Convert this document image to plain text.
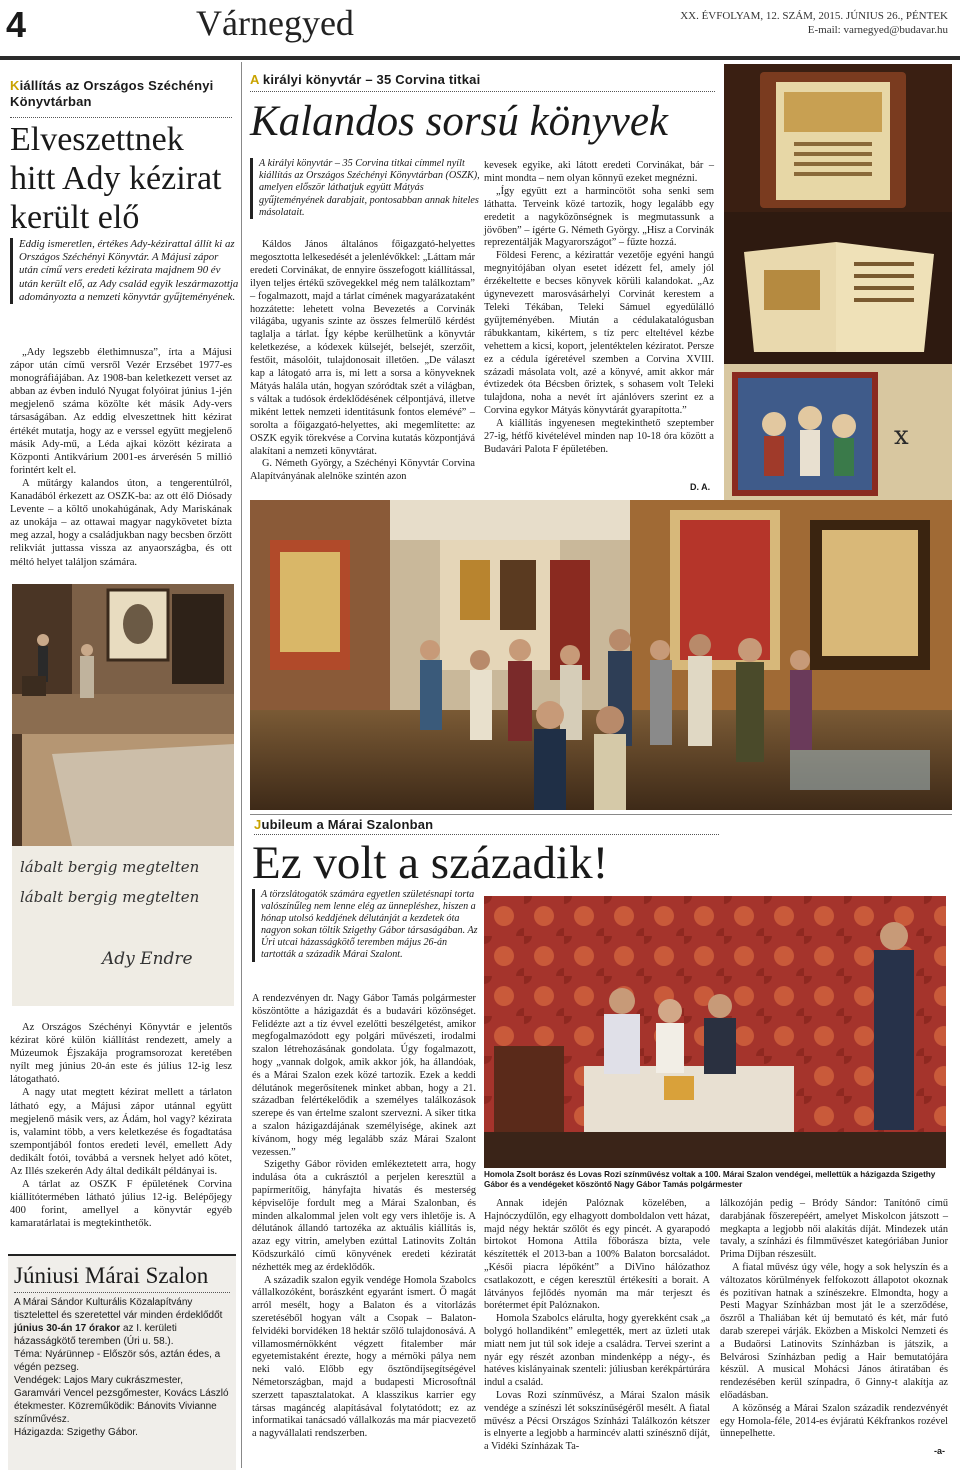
4	Várnegyed	XX. ÉVFOLYAM, 12. SZÁM, 2015. JÚNIUS 26., PÉNTEK
E-mail: varnegyed@budavar.hu
Kiállítás az Országos Széchényi Könyvtárban
Elveszettnek hitt Ady kézirat került elő
Eddig ismeretlen, értékes Ady-kézirattal állít ki az Országos Széchényi Könyvtár. A Májusi zápor után című vers eredeti kézirata majdnem 90 év után került elő, az Ady család egyik leszármazottja adományozta a nemzeti könyvtár gyűjteményének.

„Ady legszebb élethimnusza”, írta a Májusi zápor után című versről Vezér Erzsébet 1977-es monográfiájában. Az 1908-ban keletkezett verset az abban az évben induló Nyugat folyóirat június 1-jén megjelenő száma közölte két másik Ady-vers társaságában. Az eddig elveszettnek hitt kézirat értékét mutatja, hogy az e verssel együtt megjelenő másik Ady-mű, a Léda ajkai között kézirata a Központi Antikvárium 2001-es árverésén 5 millió forintért kelt el.

A műtárgy kalandos úton, a tengerentúlról, Kanadából érkezett az OSZK-ba: az ott élő Diósady Levente – a költő unokahúgának, Ady Mariskának az unokája – az ottawai magyar nagykövetet bízta meg azzal, hogy a családjukban nagy becsben őrzött relikviát juttassa vissza az anyaországba, és ott méltó helyet találjon számára.

lábalt bergig megtelten
lábalt bergig megtelten
Ady Endre

Az Országos Széchényi Könyvtár e jelentős kézirat köré külön kiállítást rendezett, amely a Múzeumok Éjszakája programsorozat keretében nyílt meg június 20-án este és július 12-ig lesz látogatható.

A nagy utat megtett kézirat mellett a tárlaton látható egy, a Májusi zápor utánnal együtt megjelenő másik vers, az Ádám, hol vagy? kézirata is, valamint több, a vers keletkezése és fogadtatása szempontjából fontos eredeti levél, emellett Ady dedikált fotói, továbbá a versnek helyet adó kötet, Az Illés szekerén Ady által dedikált példányai is.

A tárlat az OSZK F épületének Corvina kiállítótermében látható július 12-ig. Belépőjegy 400 forint, amellyel a könyvtár egyéb kamaratárlatai is megtekinthetők.

Júniusi Márai Szalon
A Márai Sándor Kulturális Közalapítvány tisztelettel és szeretettel vár minden érdeklődőt június 30-án 17 órakor az I. kerületi házasságkötő teremben (Úri u. 58.).
Téma: Nyárünnep - Először sós, aztán édes, a végén pezseg.
Vendégek: Lajos Mary cukrászmester, Garamvári Vencel pezsgőmester, Kovács László étekmester. Közreműködik: Bánovits Vivianne színművész.
Házigazda: Szigethy Gábor.
A királyi könyvtár – 35 Corvina titkai
Kalandos sorsú könyvek
A királyi könyvtár – 35 Corvina titkai címmel nyílt kiállítás az Országos Széchényi Könyvtárban (OSZK), amelyen először láthatjuk együtt Mátyás gyűjteményének darabjait, pontosabban annak hiteles másolatait.

Káldos János általános főigazgató-helyettes megosztotta lelkesedését a jelenlévőkkel: „Láttam már eredeti Corvinákat, de ennyire összefogott kiállítással, ilyen teljes értékű szövegekkel még nem találkoztam” – fogalmazott, majd a tárlat címének magyarázataként hozzátette: lehetett volna Bevezetés a Corvinák világába, ugyanis szinte az összes felmerülő kérdést taglalja a tárlat. Így képbe kerülhetünk a könyvtár keletkezése, a kódexek külsejét, belsejét, szerzőit, festőit, másolóit, tulajdonosait illetően. „De választ kap a látogató arra is, mi lett a sorsa a könyveknek Mátyás halála után, hogyan szóródtak szét a világban, s váltak a tudósok érdeklődésének célpontjává, illetve miként lettek nemzeti identitásunk fontos elemévé” – sorolta a főigazgató-helyettes, aki megemlítette: az OSZK egyik törekvése a Corvina kutatás központjává alakítani a nemzeti könyvtárat.

G. Németh György, a Széchényi Könyvtár Corvina Alapítványának alelnöke szintén azon

kevesek egyike, aki látott eredeti Corvinákat, bár – mint mondta – nem olyan könnyű ezeket megnézni.

„Így együtt ezt a harmincötöt soha senki sem láthatta. Terveink közé tartozik, hogy legalább egy eredetit a nagyközönségnek is megmutassunk a jövőben” – ígérte G. Németh György. „Hisz a Corvinák reprezentálják Magyarországot” – fűzte hozzá.

Földesi Ferenc, a kézirattár vezetője egyéni hangú megnyitójában olyan esetet idézett fel, amely jól érzékeltette e becses könyvek körüli kalandokat. „Az úgynevezett marosvásárhelyi Corvinát kerestem a Teleki Tékában, Teleki Sámuel egyedülálló gyűjteményében. Miután a cédulakatalógusban rábukkantam, kikértem, s tíz perc elteltével kézbe vehettem a kicsi, koport, jelentéktelen kéziratot. Persze ez a cédula ígéretével szemben a Corvina XVIII. századi másolata volt, azé a könyvé, amit akkor már évtizedek óta Bécsben őriztek, s sohasem volt Teleki tulajdona, noha a nevét írt ajánlóvers szerint ez a Corvina egykor Mátyás könyvtárát gyarapította.”

A kiállítás ingyenesen megtekinthető szeptember 27-ig, hétfő kivételével minden nap 10-18 óra között a Budavári Palota F épületében.

D. A.
x
Jubileum a Márai Szalonban
Ez volt a századik!
A törzslátogatók számára egyetlen születésnapi torta valószínűleg nem lenne elég az ünnepléshez, hiszen a hónap utolsó keddjének délutánját a kezdetek óta nagyon sokan töltik Szigethy Gábor társaságában. Az Úri utcai házasságkötő teremben május 26-án tartották a századik Márai Szalont.
Homola Zsolt borász és Lovas Rozi színművész voltak a 100. Márai Szalon vendégei, mellettük a házigazda Szigethy Gábor és a vendégeket köszöntő Nagy Gábor Tamás polgármester

A rendezvényen dr. Nagy Gábor Tamás polgármester köszöntötte a házigazdát és a budavári közönséget. Felidézte azt a tíz évvel ezelőtti beszélgetést, amikor megfogalmazódott egy polgári művészeti, irodalmi szalon létrehozásának gondolata. Úgy fogalmazott, hogy „vannak dolgok, amik akkor jók, ha állandóak, és a Márai Szalon ezek közé tartozik. Ezek a keddi délutánok megerősítenek minket abban, hogy a 21. században felértékelődik a személyes találkozások szerepe és van értelme szalont szervezni. A siker titka a szalon házigazdájának személyisége, akinek azt kívánom, hogy még legalább száz Márai Szalont vezessen.”

Szigethy Gábor röviden emlékeztetett arra, hogy indulása óta a cukrásztól a perjelen keresztül a papírmerítőig, hányfajta hivatás és mesterség képviselője fordult meg a Márai Szalonban, és minden alkalommal jelen volt egy vers ihletője is. A délutánok állandó tartozéka az aktuális kiállítás is, azaz egy vitrin, amelyben ezúttal Latinovits Zoltán Ködszurkáló című könyvének eredeti kéziratát nézhették meg az érdeklődők.

A századik szalon egyik vendége Homola Szabolcs vállalkozóként, borászként egyaránt ismert. Ő magát arról mesélt, hogy a Balaton és a vitorlázás szeretéséből hogyan vált a Csopak – Balaton-felvidéki borvidéken 18 hektár szőlő tulajdonosává. A villamosmérnökként végzett fitalember már egyetemistaként érezte, hogy a mérnöki pálya nem neki való. Előbb egy ősztöndíjsegítségével Németországban, majd a budapesti Microsoftnál szerzett tapasztalatokat. A klasszikus karrier egy társas magáncég alapításával folytatódott; ez az informatikai tanácsadó vállalkozás ma már piacvezető a nagyvállalati rendszerben.

Annak idején Palóznak közelében, a Hajnóczydűlőn, egy elhagyott domboldalon vett házat, majd négy hektár szőlőt és egy pincét. A gyarapodó birtokot Homona Attila főborásza bízta, vele készítették el 2013-ban a 100% Balaton borcsaládot. „Késői piacra lépőként” a DiVino hálózathoz csatlakozott, e cégen keresztül értékesíti a borait. A látványos fejlődés nyomán ma már terjeszt és borétermet épít Palóznakon.

Homola Szabolcs elárulta, hogy gyerekként csak „a bolygó hollandiként” emlegették, mert az üzleti utak miatt nem jut túl sok ideje a családra. Tervei szerint a nyár egy részét azonban mindenképp a négy-, és hatéves kislányainak szenteli: júliusban kerékpártúrára indul a család.

Lovas Rozi színművész, a Márai Szalon másik vendége a színészi lét sokszínűségéről mesélt. A fiatal művész a Pécsi Országos Színházi Találkozón kétszer is elnyerte a legjobb a harmincév alatti színésznő díját, a Vidéki Színházak Ta-

lálkozóján pedig – Bródy Sándor: Tanítónő című darabjának főszerepéért, amelyet Miskolcon játszott – megkapta a legjobb női alakítás díját. Mindezek után tavaly, a színházi és filmművészet kategóriában Junior Prima Díjban részesült.

A fiatal művész úgy véle, hogy a sok helyszín és a változatos körülmények felfokozott állapotot okoznak és pozitívan hatnak a színészekre. Elmondta, hogy a Pesti Magyar Színházban most ját le a szerződése, őszről a Thaliában két új bemutató és két, már futó darab szerepei várják. Eközben a Miskolci Nemzeti és a Budaörsi Latinovits Színházban is játszik, a Belvárosi Színházban pedig a Hair bemutatójára készül. A musical Mohácsi János átiratában és rendezésében kerül színpadra, ő Ginny-t alakítja az előadásban.

A közönség a Márai Szalon századik rendezvényét egy Homola-féle, 2014-es évjáratú Kékfrankos rozével ünnepelhette.

-a-
